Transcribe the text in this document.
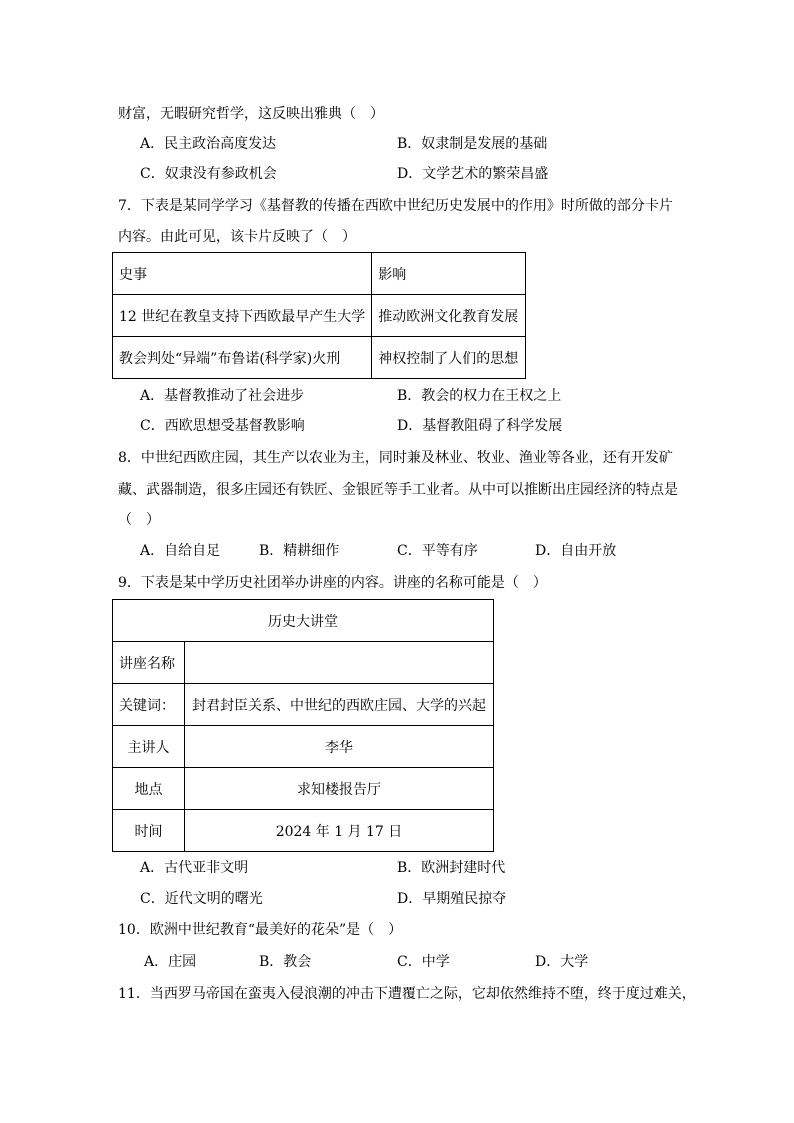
财富，无暇研究哲学，这反映出雅典（　）
A．民主政治高度发达	B．奴隶制是发展的基础
C．奴隶没有参政机会	D．文学艺术的繁荣昌盛
7．下表是某同学学习《基督教的传播在西欧中世纪历史发展中的作用》时所做的部分卡片
内容。由此可见，该卡片反映了（　）
史事	影响
12 世纪在教皇支持下西欧最早产生大学	推动欧洲文化教育发展
教会判处“异端”布鲁诺(科学家)火刑	神权控制了人们的思想
A．基督教推动了社会进步	B．教会的权力在王权之上
C．西欧思想受基督教影响	D．基督教阻碍了科学发展
8．中世纪西欧庄园，其生产以农业为主，同时兼及林业、牧业、渔业等各业，还有开发矿
藏、武器制造，很多庄园还有铁匠、金银匠等手工业者。从中可以推断出庄园经济的特点是
（　）
A．自给自足	B．精耕细作	C．平等有序	D．自由开放
9．下表是某中学历史社团举办讲座的内容。讲座的名称可能是（　）
历史大讲堂	
讲座名称	
关键词：	封君封臣关系、中世纪的西欧庄园、大学的兴起
主讲人	李华
地点	求知楼报告厅
时间	2024 年 1 月 17 日
A．古代亚非文明	B．欧洲封建时代
C．近代文明的曙光	D．早期殖民掠夺
10．欧洲中世纪教育“最美好的花朵”是（　）
A．庄园	B．教会	C．中学	D．大学
11．当西罗马帝国在蛮夷入侵浪潮的冲击下遭覆亡之际，它却依然维持不堕，终于度过难关，
